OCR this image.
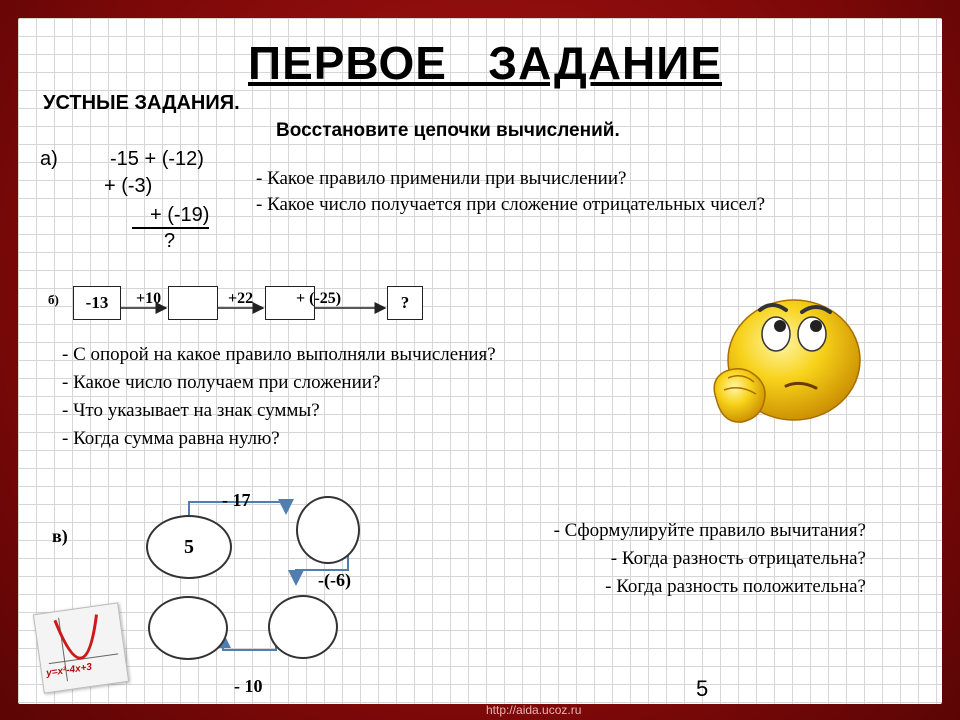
ПЕРВОЕ   ЗАДАНИЕ
УСТНЫЕ ЗАДАНИЯ.
Восстановите цепочки вычислений.
а)	-15 + (-12)
+ (-3)
+ (-19)
?
- Какое правило применили при вычислении?
- Какое число получается при сложение отрицательных чисел?
б)	-13	?
+10	+22	+ (-25)
- С опорой на какое правило выполняли вычисления?
- Какое число получаем при сложении?
- Что указывает на знак суммы?
- Когда сумма равна нулю?
в)	5
- 17
-(-6)
- 10
- Сформулируйте правило вычитания?
- Когда разность отрицательна?
- Когда разность положительна?
y=x²-4x+3
5
http://aida.ucoz.ru
